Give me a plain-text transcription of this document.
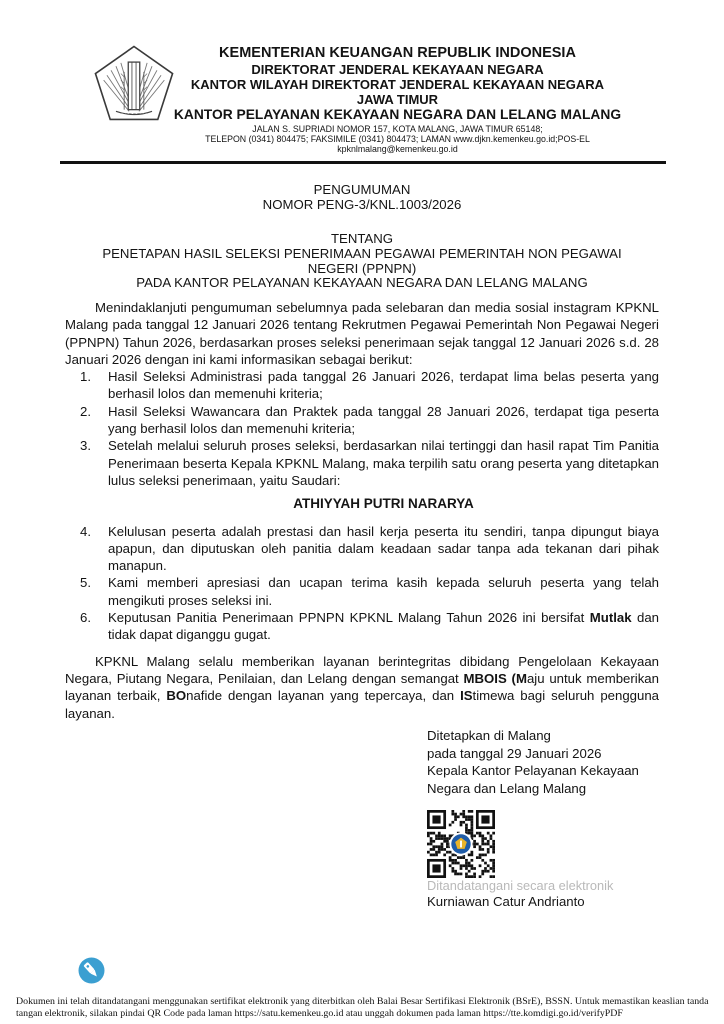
KEMENTERIAN KEUANGAN REPUBLIK INDONESIA
DIREKTORAT JENDERAL KEKAYAAN NEGARA
KANTOR WILAYAH DIREKTORAT JENDERAL KEKAYAAN NEGARA
JAWA TIMUR
KANTOR PELAYANAN KEKAYAAN NEGARA DAN LELANG MALANG
JALAN S. SUPRIADI NOMOR 157, KOTA MALANG, JAWA TIMUR 65148;
TELEPON (0341) 804475; FAKSIMILE (0341) 804473; LAMAN www.djkn.kemenkeu.go.id;POS-EL
kpknlmalang@kemenkeu.go.id
PENGUMUMAN
NOMOR PENG-3/KNL.1003/2026
TENTANG
PENETAPAN HASIL SELEKSI PENERIMAAN PEGAWAI PEMERINTAH NON PEGAWAI
NEGERI (PPNPN)
PADA KANTOR PELAYANAN KEKAYAAN NEGARA DAN LELANG MALANG

Menindaklanjuti pengumuman sebelumnya pada selebaran dan media sosial instagram KPKNL Malang pada tanggal 12 Januari 2026 tentang Rekrutmen Pegawai Pemerintah Non Pegawai Negeri (PPNPN) Tahun 2026, berdasarkan proses seleksi penerimaan sejak tanggal 12 Januari 2026 s.d. 28 Januari 2026 dengan ini kami informasikan sebagai berikut:

1.	Hasil Seleksi Administrasi pada tanggal 26 Januari 2026, terdapat lima belas peserta yang berhasil lolos dan memenuhi kriteria;
2.	Hasil Seleksi Wawancara dan Praktek pada tanggal 28 Januari 2026, terdapat tiga peserta yang berhasil lolos dan memenuhi kriteria;
3.	Setelah melalui seluruh proses seleksi, berdasarkan nilai tertinggi dan hasil rapat Tim Panitia Penerimaan beserta Kepala KPKNL Malang, maka terpilih satu orang peserta yang ditetapkan lulus seleksi penerimaan, yaitu Saudari:
ATHIYYAH PUTRI NARARYA
4.	Kelulusan peserta adalah prestasi dan hasil kerja peserta itu sendiri, tanpa dipungut biaya apapun, dan diputuskan oleh panitia dalam keadaan sadar tanpa ada tekanan dari pihak manapun.
5.	Kami memberi apresiasi dan ucapan terima kasih kepada seluruh peserta yang telah mengikuti proses seleksi ini.
6.	Keputusan Panitia Penerimaan PPNPN KPKNL Malang Tahun 2026 ini bersifat Mutlak dan tidak dapat diganggu gugat.

KPKNL Malang selalu memberikan layanan berintegritas dibidang Pengelolaan Kekayaan Negara, Piutang Negara, Penilaian, dan Lelang dengan semangat MBOIS (Maju untuk memberikan layanan terbaik, BOnafide dengan layanan yang tepercaya, dan IStimewa bagi seluruh pengguna layanan.

Ditetapkan di Malang
pada tanggal 29 Januari 2026
Kepala Kantor Pelayanan Kekayaan
Negara dan Lelang Malang
Ditandatangani secara elektronik
Kurniawan Catur Andrianto
Dokumen ini telah ditandatangani menggunakan sertifikat elektronik yang diterbitkan oleh Balai Besar Sertifikasi Elektronik (BSrE), BSSN. Untuk memastikan keaslian tanda
tangan elektronik, silakan pindai QR Code pada laman https://satu.kemenkeu.go.id atau unggah dokumen pada laman https://tte.komdigi.go.id/verifyPDF
